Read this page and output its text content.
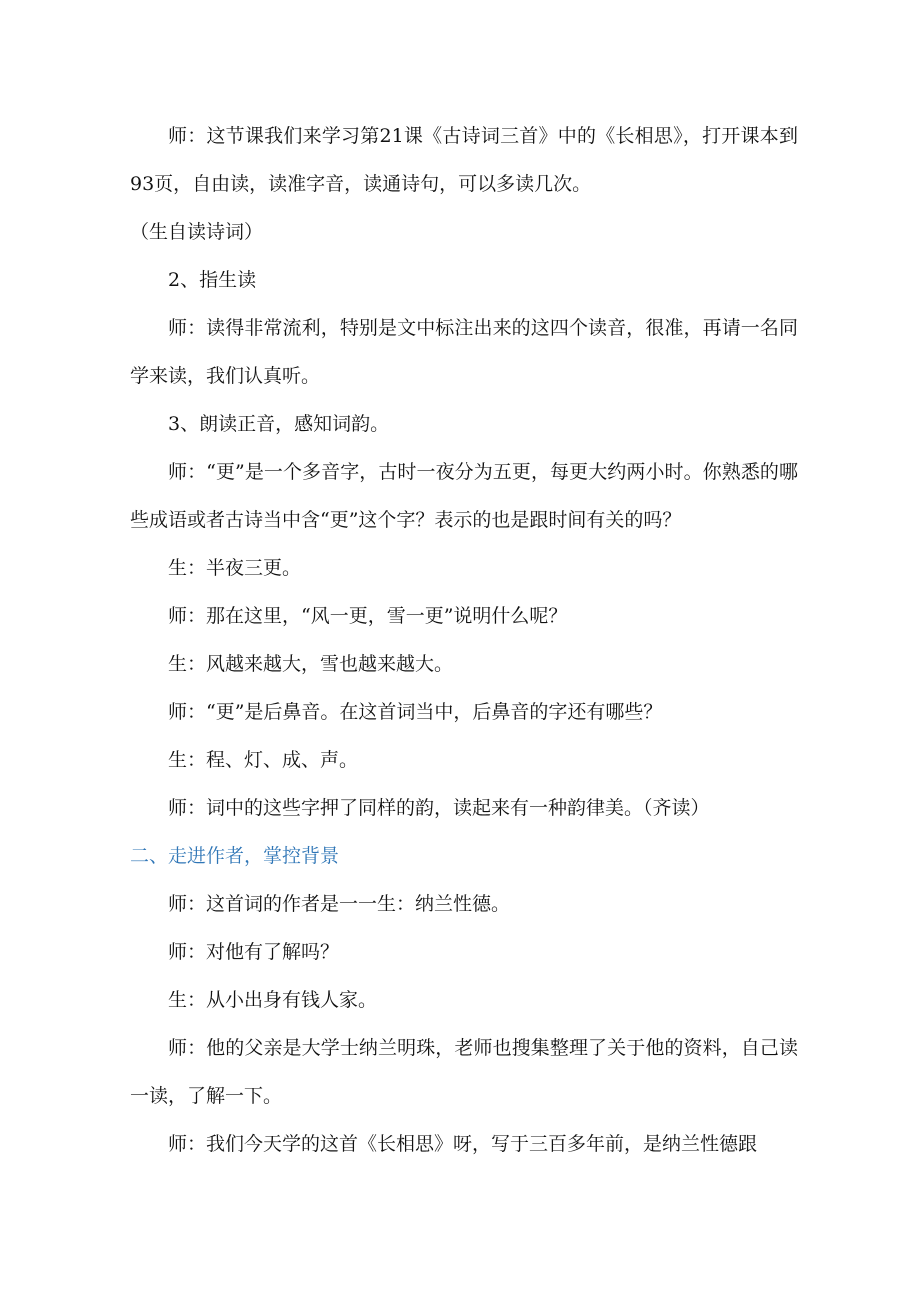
师：这节课我们来学习第21课《古诗词三首》中的《长相思》，打开课本到93页，自由读，读准字音，读通诗句，可以多读几次。

（生自读诗词）

2、指生读

师：读得非常流利，特别是文中标注出来的这四个读音，很准，再请一名同学来读，我们认真听。

3、朗读正音，感知词韵。

师：“更”是一个多音字，古时一夜分为五更，每更大约两小时。你熟悉的哪些成语或者古诗当中含“更”这个字？表示的也是跟时间有关的吗？

生：半夜三更。

师：那在这里，“风一更，雪一更”说明什么呢？

生：风越来越大，雪也越来越大。

师：“更”是后鼻音。在这首词当中，后鼻音的字还有哪些？

生：程、灯、成、声。

师：词中的这些字押了同样的韵，读起来有一种韵律美。（齐读）

二、走进作者，掌控背景

师：这首词的作者是一一生：纳兰性德。

师：对他有了解吗？

生：从小出身有钱人家。

师：他的父亲是大学士纳兰明珠，老师也搜集整理了关于他的资料，自己读一读，了解一下。

师：我们今天学的这首《长相思》呀，写于三百多年前，是纳兰性德跟
